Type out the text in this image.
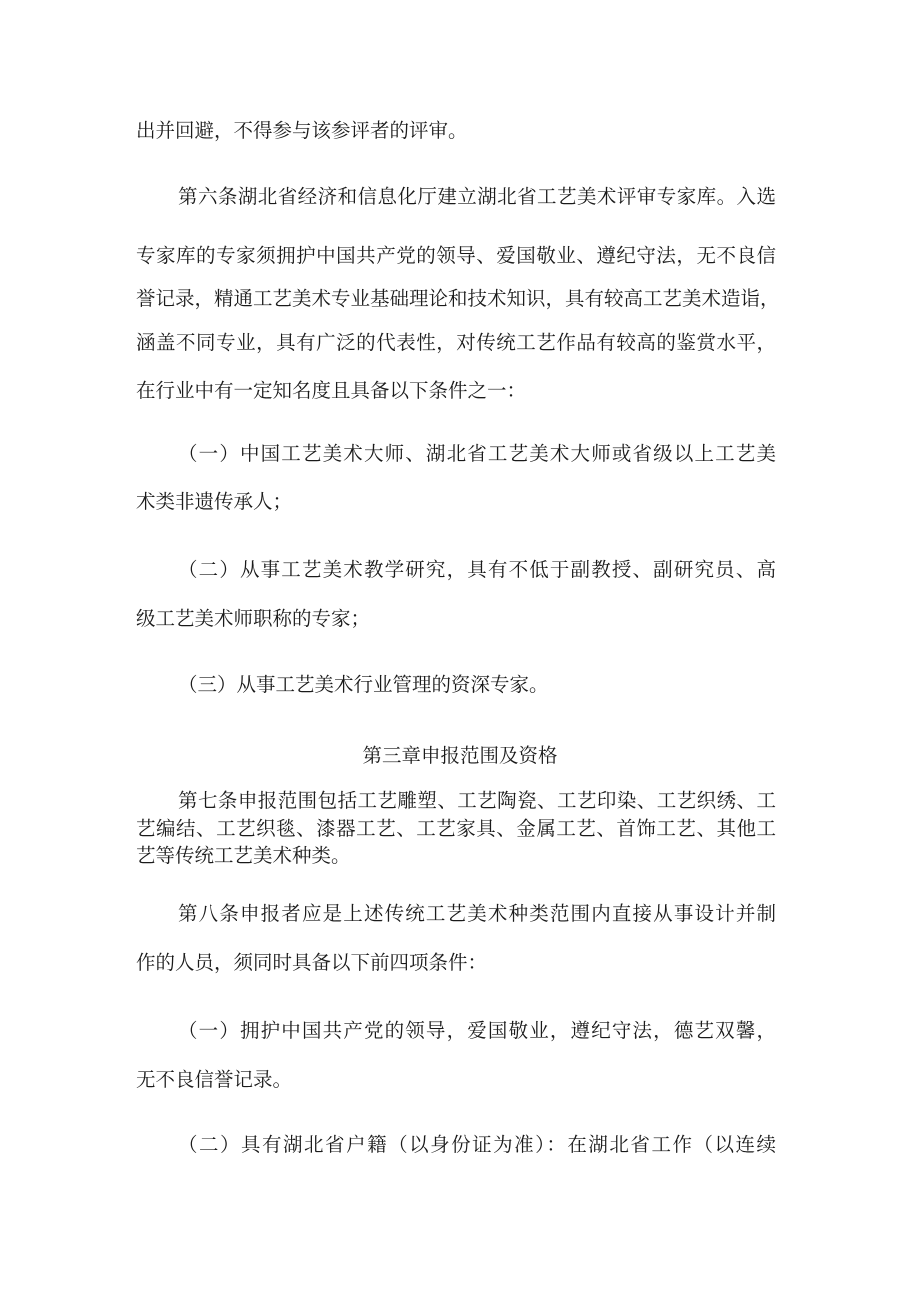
出并回避，不得参与该参评者的评审。
第六条湖北省经济和信息化厅建立湖北省工艺美术评审专家库。入选
专家库的专家须拥护中国共产党的领导、爱国敬业、遵纪守法，无不良信
誉记录，精通工艺美术专业基础理论和技术知识，具有较高工艺美术造诣，
涵盖不同专业，具有广泛的代表性，对传统工艺作品有较高的鉴赏水平，
在行业中有一定知名度且具备以下条件之一：
（一）中国工艺美术大师、湖北省工艺美术大师或省级以上工艺美
术类非遗传承人；
（二）从事工艺美术教学研究，具有不低于副教授、副研究员、高
级工艺美术师职称的专家；
（三）从事工艺美术行业管理的资深专家。
第三章申报范围及资格
第七条申报范围包括工艺雕塑、工艺陶瓷、工艺印染、工艺织绣、工
艺编结、工艺织毯、漆器工艺、工艺家具、金属工艺、首饰工艺、其他工
艺等传统工艺美术种类。
第八条申报者应是上述传统工艺美术种类范围内直接从事设计并制
作的人员，须同时具备以下前四项条件：
（一）拥护中国共产党的领导，爱国敬业，遵纪守法，德艺双馨，
无不良信誉记录。
（二）具有湖北省户籍（以身份证为准）：在湖北省工作（以连续
